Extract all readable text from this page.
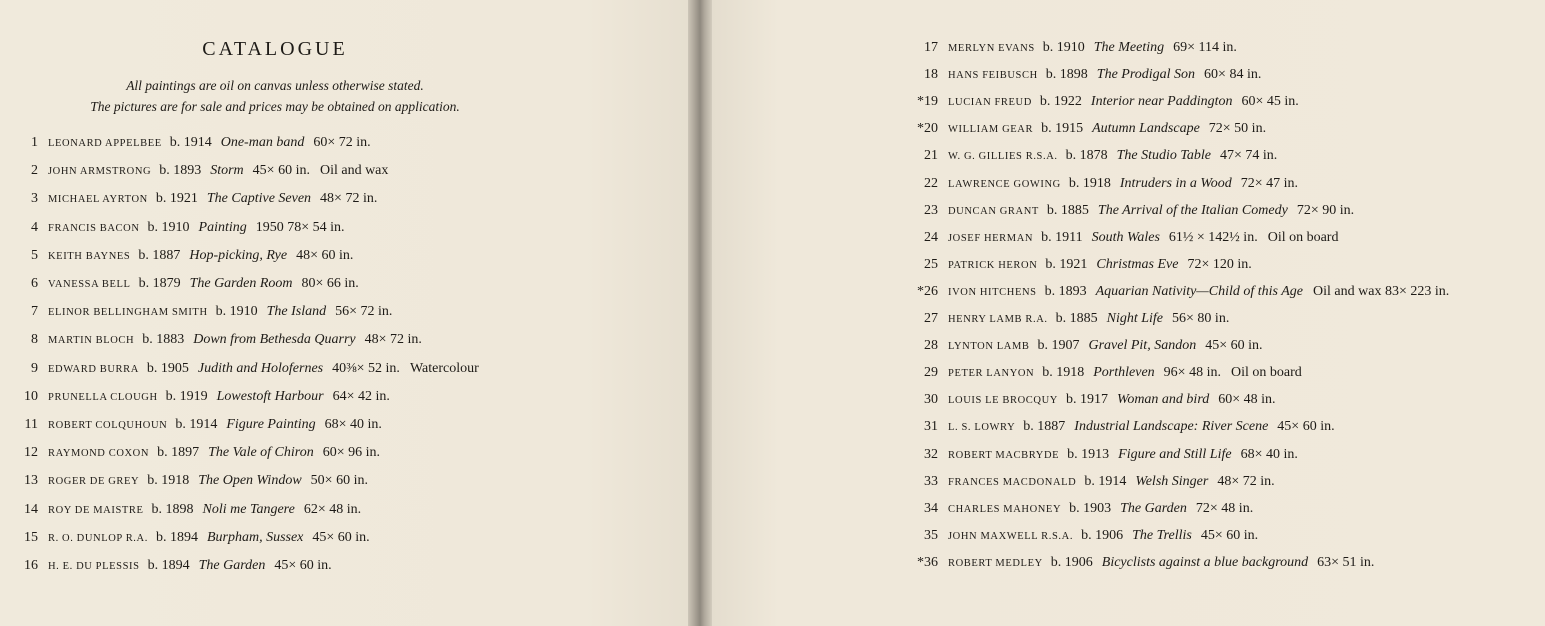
CATALOGUE
All paintings are oil on canvas unless otherwise stated.
The pictures are for sale and prices may be obtained on application.
1 LEONARD APPELBEE b. 1914 One-man band 60× 72 in.
2 JOHN ARMSTRONG b. 1893 Storm 45× 60 in. Oil and wax
3 MICHAEL AYRTON b. 1921 The Captive Seven 48× 72 in.
4 FRANCIS BACON b. 1910 Painting 1950 78× 54 in.
5 KEITH BAYNES b. 1887 Hop-picking, Rye 48× 60 in.
6 VANESSA BELL b. 1879 The Garden Room 80× 66 in.
7 ELINOR BELLINGHAM SMITH b. 1910 The Island 56× 72 in.
8 MARTIN BLOCH b. 1883 Down from Bethesda Quarry 48× 72 in.
9 EDWARD BURRA b. 1905 Judith and Holofernes 40⅜× 52 in. Watercolour
10 PRUNELLA CLOUGH b. 1919 Lowestoft Harbour 64× 42 in.
11 ROBERT COLQUHOUN b. 1914 Figure Painting 68× 40 in.
12 RAYMOND COXON b. 1897 The Vale of Chiron 60× 96 in.
13 ROGER DE GREY b. 1918 The Open Window 50× 60 in.
14 ROY DE MAISTRE b. 1898 Noli me Tangere 62× 48 in.
15 R. O. DUNLOP R.A. b. 1894 Burpham, Sussex 45× 60 in.
16 H. E. DU PLESSIS b. 1894 The Garden 45× 60 in.
17 MERLYN EVANS b. 1910 The Meeting 69× 114 in.
18 HANS FEIBUSCH b. 1898 The Prodigal Son 60× 84 in.
*19 LUCIAN FREUD b. 1922 Interior near Paddington 60× 45 in.
*20 WILLIAM GEAR b. 1915 Autumn Landscape 72× 50 in.
21 W. G. GILLIES R.S.A. b. 1878 The Studio Table 47× 74 in.
22 LAWRENCE GOWING b. 1918 Intruders in a Wood 72× 47 in.
23 DUNCAN GRANT b. 1885 The Arrival of the Italian Comedy 72× 90 in.
24 JOSEF HERMAN b. 1911 South Wales 61½ × 142½ in. Oil on board
25 PATRICK HERON b. 1921 Christmas Eve 72× 120 in.
*26 IVON HITCHENS b. 1893 Aquarian Nativity—Child of this Age Oil and wax 83× 223 in.
27 HENRY LAMB R.A. b. 1885 Night Life 56× 80 in.
28 LYNTON LAMB b. 1907 Gravel Pit, Sandon 45× 60 in.
29 PETER LANYON b. 1918 Porthleven 96× 48 in. Oil on board
30 LOUIS LE BROCQUY b. 1917 Woman and bird 60× 48 in.
31 L. S. LOWRY b. 1887 Industrial Landscape: River Scene 45× 60 in.
32 ROBERT MACBRYDE b. 1913 Figure and Still Life 68× 40 in.
33 FRANCES MACDONALD b. 1914 Welsh Singer 48× 72 in.
34 CHARLES MAHONEY b. 1903 The Garden 72× 48 in.
35 JOHN MAXWELL R.S.A. b. 1906 The Trellis 45× 60 in.
*36 ROBERT MEDLEY b. 1906 Bicyclists against a blue background 63× 51 in.
